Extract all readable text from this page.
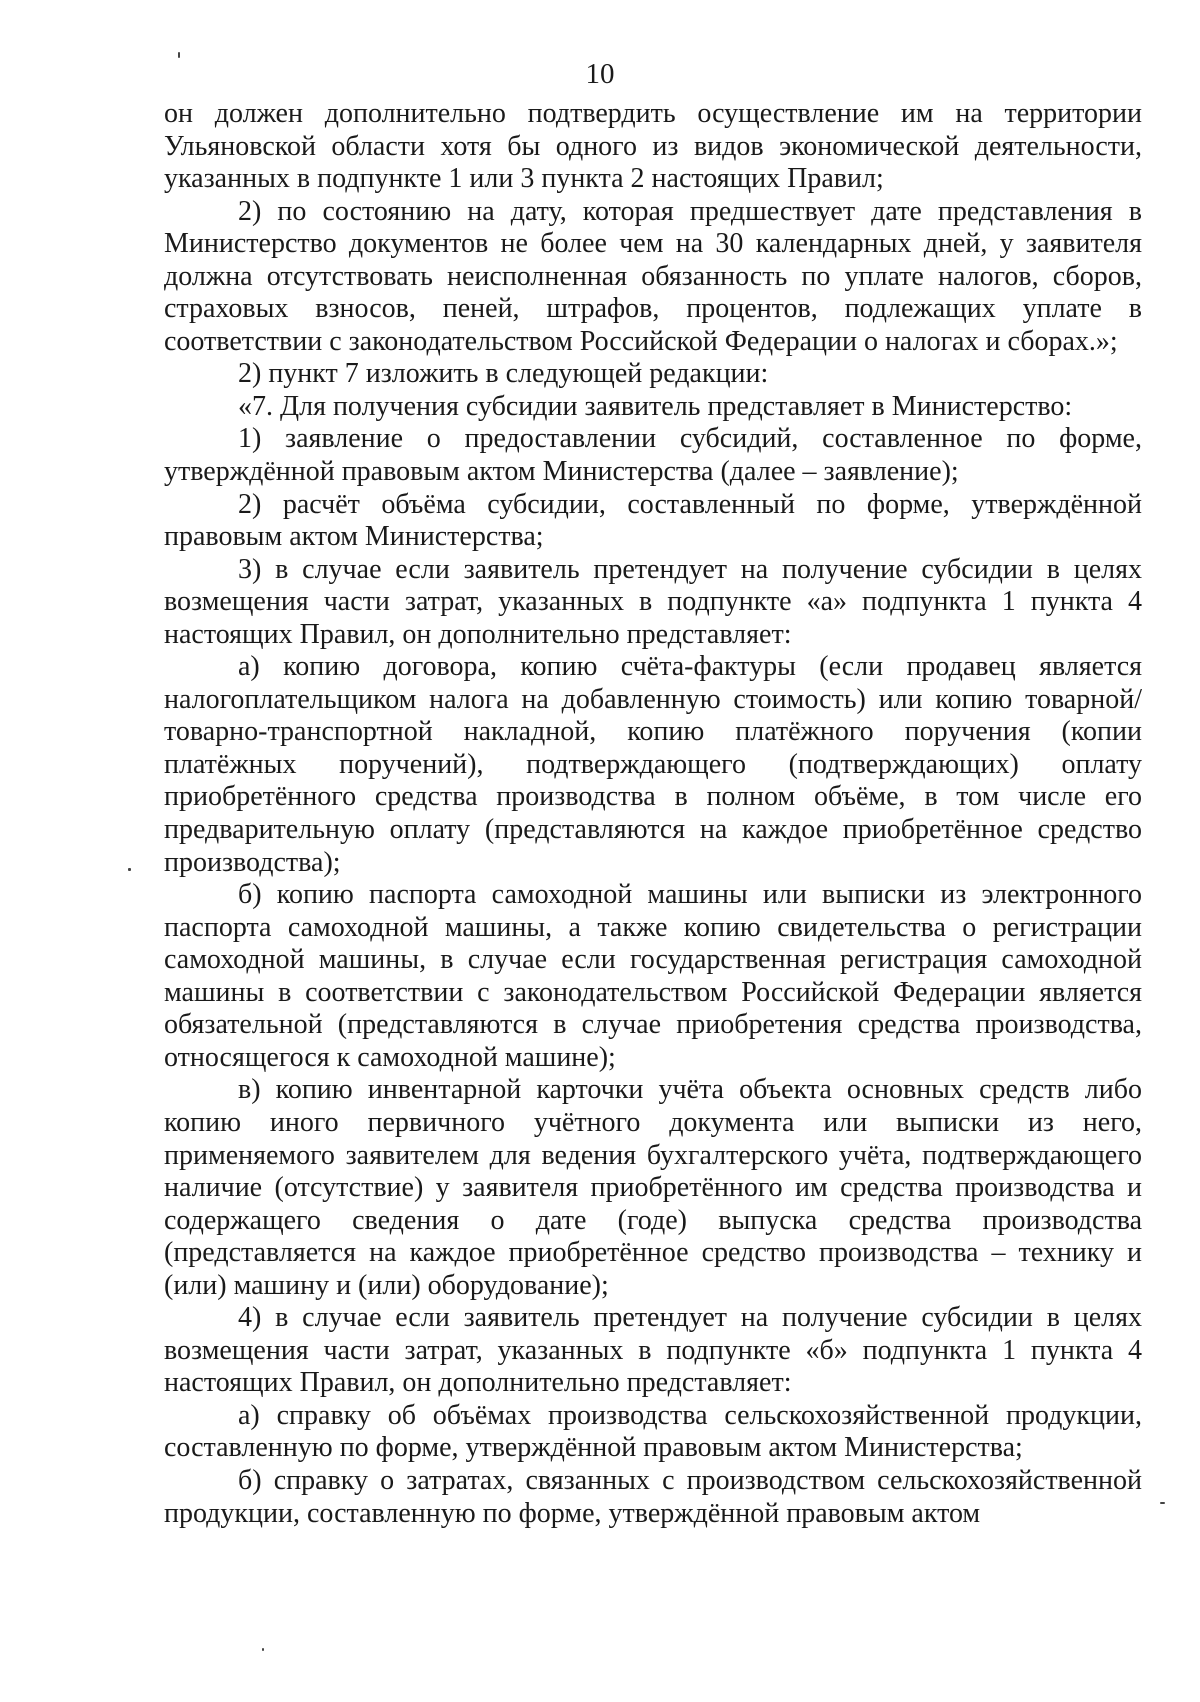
10

он должен дополнительно подтвердить осуществление им на территории Ульяновской области хотя бы одного из видов экономической деятельности, указанных в подпункте 1 или 3 пункта 2 настоящих Правил;

2) по состоянию на дату, которая предшествует дате представления в Министерство документов не более чем на 30 календарных дней, у заявителя должна отсутствовать неисполненная обязанность по уплате налогов, сборов, страховых взносов, пеней, штрафов, процентов, подлежащих уплате в соответствии с законодательством Российской Федерации о налогах и сборах.»;

2) пункт 7 изложить в следующей редакции:

«7. Для получения субсидии заявитель представляет в Министерство:

1) заявление о предоставлении субсидий, составленное по форме, утверждённой правовым актом Министерства (далее – заявление);

2) расчёт объёма субсидии, составленный по форме, утверждённой правовым актом Министерства;

3) в случае если заявитель претендует на получение субсидии в целях возмещения части затрат, указанных в подпункте «а» подпункта 1 пункта 4 настоящих Правил, он дополнительно представляет:

а) копию договора, копию счёта-фактуры (если продавец является налогоплательщиком налога на добавленную стоимость) или копию товарной/товарно-транспортной накладной, копию платёжного поручения (копии платёжных поручений), подтверждающего (подтверждающих) оплату приобретённого средства производства в полном объёме, в том числе его предварительную оплату (представляются на каждое приобретённое средство производства);

б) копию паспорта самоходной машины или выписки из электронного паспорта самоходной машины, а также копию свидетельства о регистрации самоходной машины, в случае если государственная регистрация самоходной машины в соответствии с законодательством Российской Федерации является обязательной (представляются в случае приобретения средства производства, относящегося к самоходной машине);

в) копию инвентарной карточки учёта объекта основных средств либо копию иного первичного учётного документа или выписки из него, применяемого заявителем для ведения бухгалтерского учёта, подтверждающего наличие (отсутствие) у заявителя приобретённого им средства производства и содержащего сведения о дате (годе) выпуска средства производства (представляется на каждое приобретённое средство производства – технику и (или) машину и (или) оборудование);

4) в случае если заявитель претендует на получение субсидии в целях возмещения части затрат, указанных в подпункте «б» подпункта 1 пункта 4 настоящих Правил, он дополнительно представляет:

а) справку об объёмах производства сельскохозяйственной продукции, составленную по форме, утверждённой правовым актом Министерства;

б) справку о затратах, связанных с производством сельскохозяйственной продукции, составленную по форме, утверждённой правовым актом
